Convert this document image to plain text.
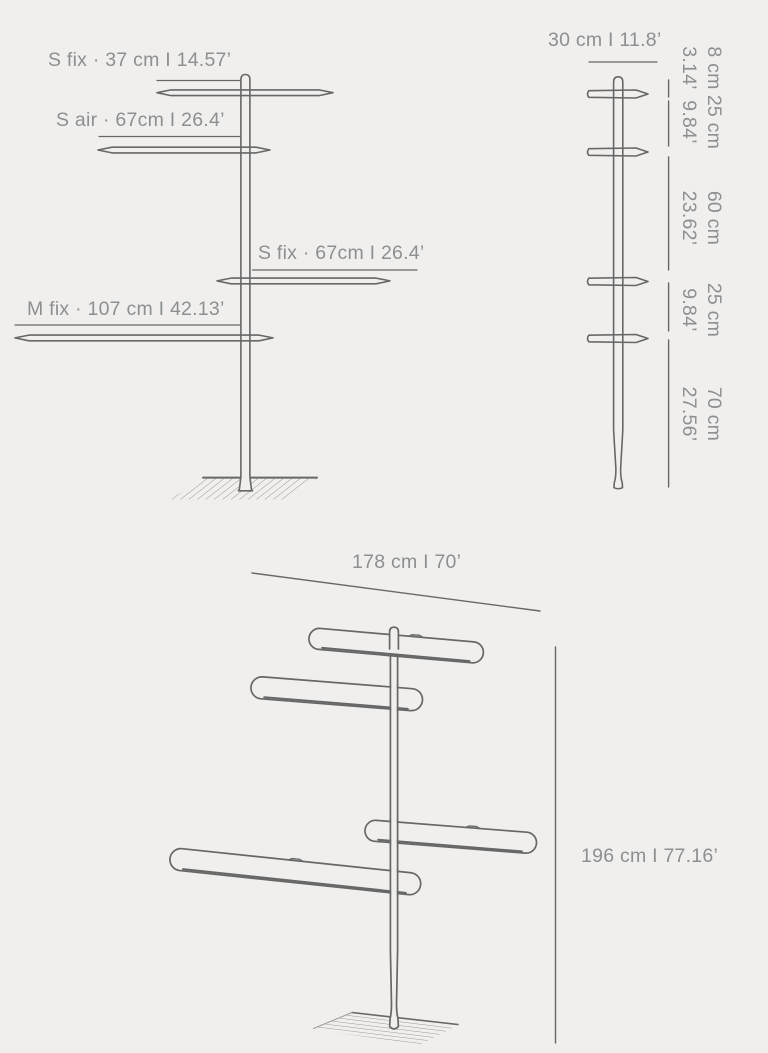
S fix · 37 cm I 14.57’
S air · 67cm I 26.4’
S fix · 67cm I 26.4’
M fix · 107 cm I 42.13’
30 cm I 11.8’
8 cm
3.14’
25 cm
9.84’
60 cm
23.62’
25 cm
9.84’
70 cm
27.56’
178 cm I 70’
196 cm I 77.16’
